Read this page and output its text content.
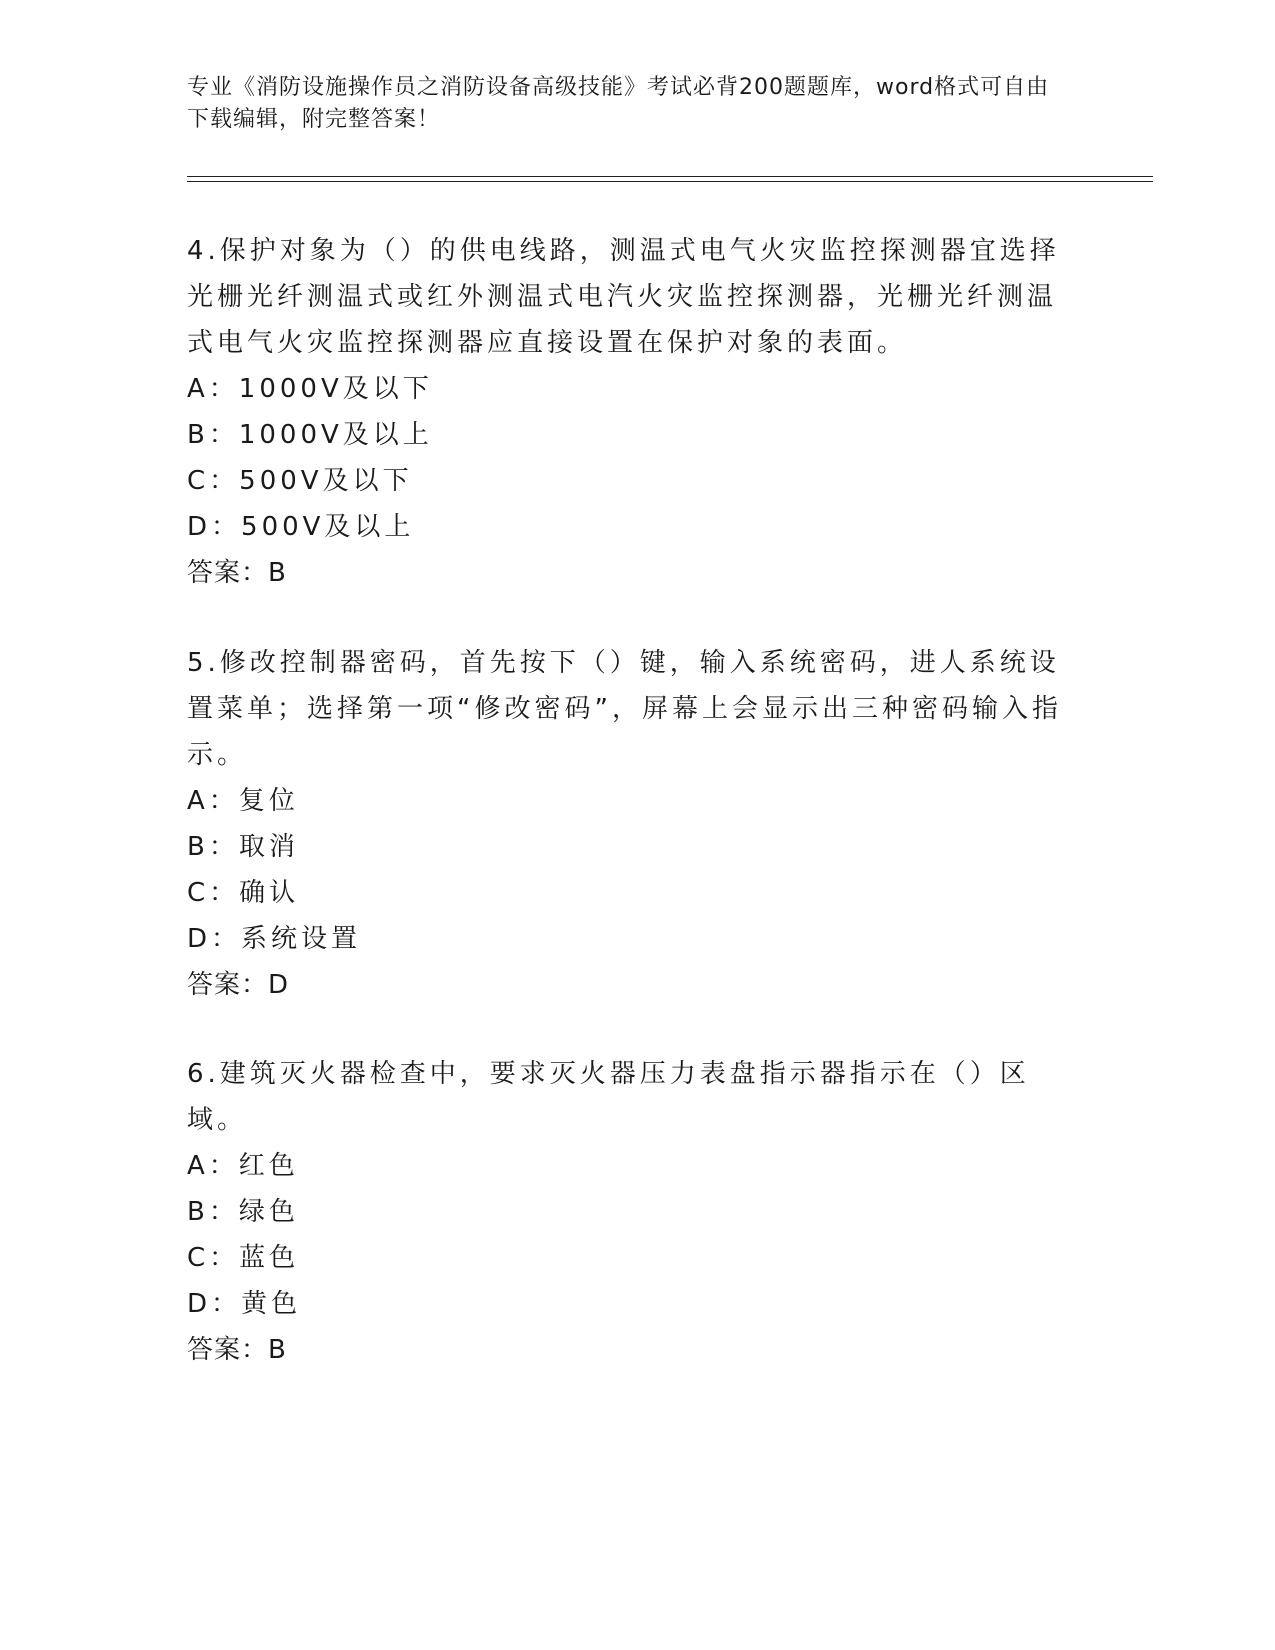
专业《消防设施操作员之消防设备高级技能》考试必背200题题库，word格式可自由下载编辑，附完整答案！

4.保护对象为（）的供电线路，测温式电气火灾监控探测器宜选择光栅光纤测温式或红外测温式电汽火灾监控探测器，光栅光纤测温式电气火灾监控探测器应直接设置在保护对象的表面。

A：1000V及以下
B：1000V及以上
C：500V及以下
D：500V及以上
答案：B

5.修改控制器密码，首先按下（）键，输入系统密码，进人系统设置菜单；选择第一项“修改密码”，屏幕上会显示出三种密码输入指示。

A：复位
B：取消
C：确认
D：系统设置
答案：D

6.建筑灭火器检查中，要求灭火器压力表盘指示器指示在（）区域。

A：红色
B：绿色
C：蓝色
D：黄色
答案：B
